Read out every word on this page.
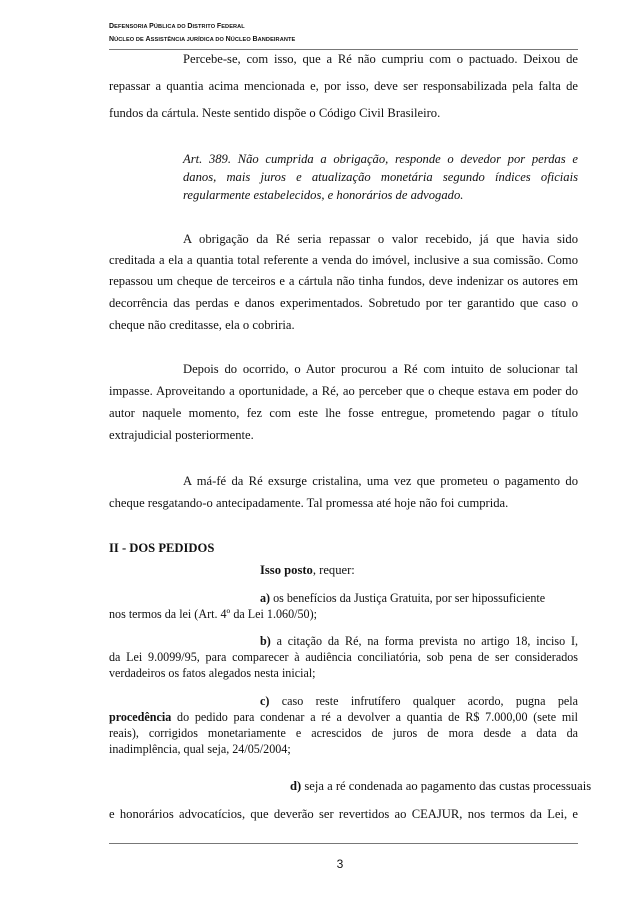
DEFENSORIA PÚBLICA DO DISTRITO FEDERAL
NÚCLEO DE ASSISTÊNCIA JURÍDICA DO NÚCLEO BANDEIRANTE
Percebe-se, com isso, que a Ré não cumpriu com o pactuado. Deixou de
repassar a quantia acima mencionada e, por isso, deve ser responsabilizada pela falta de
fundos da cártula. Neste sentido dispõe o Código Civil Brasileiro.
Art. 389. Não cumprida a obrigação, responde o devedor por perdas e
danos, mais juros e atualização monetária segundo índices oficiais
regularmente estabelecidos, e honorários de advogado.
A obrigação da Ré seria repassar o valor recebido, já que havia sido
creditada a ela a quantia total referente a venda do imóvel, inclusive a sua comissão. Como
repassou um cheque de terceiros e a cártula não tinha fundos, deve indenizar os autores em
decorrência das perdas e danos experimentados. Sobretudo por ter garantido que caso o
cheque não creditasse, ela o cobriria.
Depois do ocorrido, o Autor procurou a Ré com intuito de solucionar tal
impasse. Aproveitando a oportunidade, a Ré, ao perceber que o cheque estava em poder do
autor naquele momento, fez com este lhe fosse entregue, prometendo pagar o título
extrajudicial posteriormente.
A má-fé da Ré exsurge cristalina, uma vez que prometeu o pagamento do
cheque resgatando-o antecipadamente. Tal promessa até hoje não foi cumprida.
II - DOS PEDIDOS
Isso posto, requer:
a) os benefícios da Justiça Gratuita, por ser hipossuficiente
nos termos da lei (Art. 4º da Lei 1.060/50);
b) a citação da Ré, na forma prevista no artigo 18, inciso I,
da Lei 9.0099/95, para comparecer à audiência conciliatória, sob pena de ser considerados
verdadeiros os fatos alegados nesta inicial;
c) caso reste infrutífero qualquer acordo, pugna pela
procedência do pedido para condenar a ré a devolver a quantia de R$ 7.000,00 (sete mil
reais), corrigidos monetariamente e acrescidos de juros de mora desde a data da
inadimplência, qual seja, 24/05/2004;
d) seja a ré condenada ao pagamento das custas processuais
e honorários advocatícios, que deverão ser revertidos ao CEAJUR, nos termos da Lei, e
3
